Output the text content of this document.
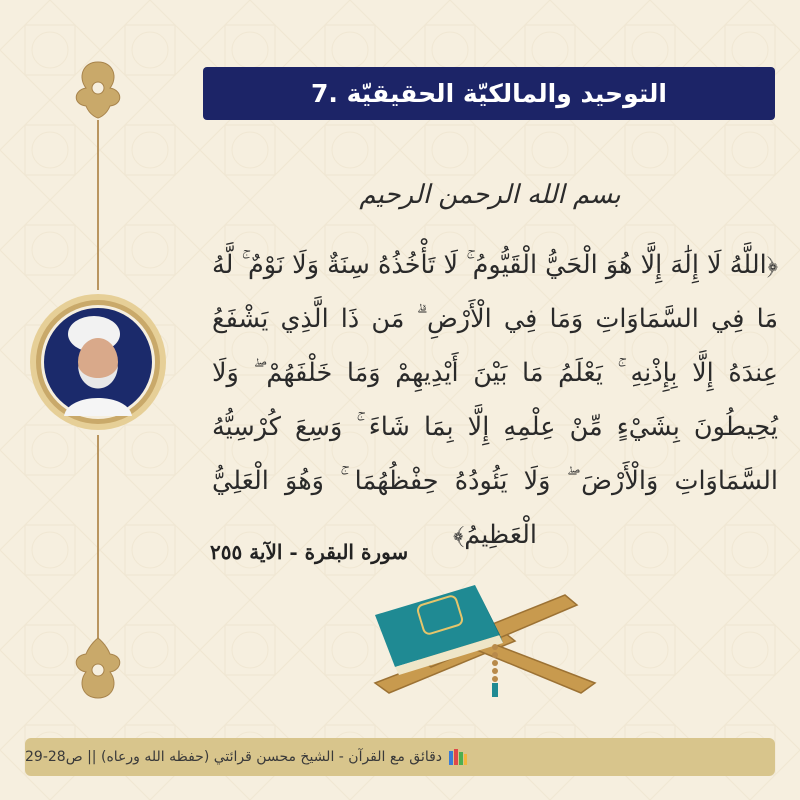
7. التوحيد والمالكيّة الحقيقيّة
بسم الله الرحمن الرحيم
﴿اللَّهُ لَا إِلَٰهَ إِلَّا هُوَ الْحَيُّ الْقَيُّومُ ۚ لَا تَأْخُذُهُ سِنَةٌ وَلَا نَوْمٌ ۚ لَّهُ مَا فِي السَّمَاوَاتِ وَمَا فِي الْأَرْضِ ۗ مَن ذَا الَّذِي يَشْفَعُ عِندَهُ إِلَّا بِإِذْنِهِ ۚ يَعْلَمُ مَا بَيْنَ أَيْدِيهِمْ وَمَا خَلْفَهُمْ ۖ وَلَا يُحِيطُونَ بِشَيْءٍ مِّنْ عِلْمِهِ إِلَّا بِمَا شَاءَ ۚ وَسِعَ كُرْسِيُّهُ السَّمَاوَاتِ وَالْأَرْضَ ۖ وَلَا يَئُودُهُ حِفْظُهُمَا ۚ وَهُوَ الْعَلِيُّ الْعَظِيمُ﴾
سورة البقرة - الآية ٢٥٥
دقائق مع القرآن - الشيخ محسن قرائتي (حفظه الله ورعاه) || ص28-29
